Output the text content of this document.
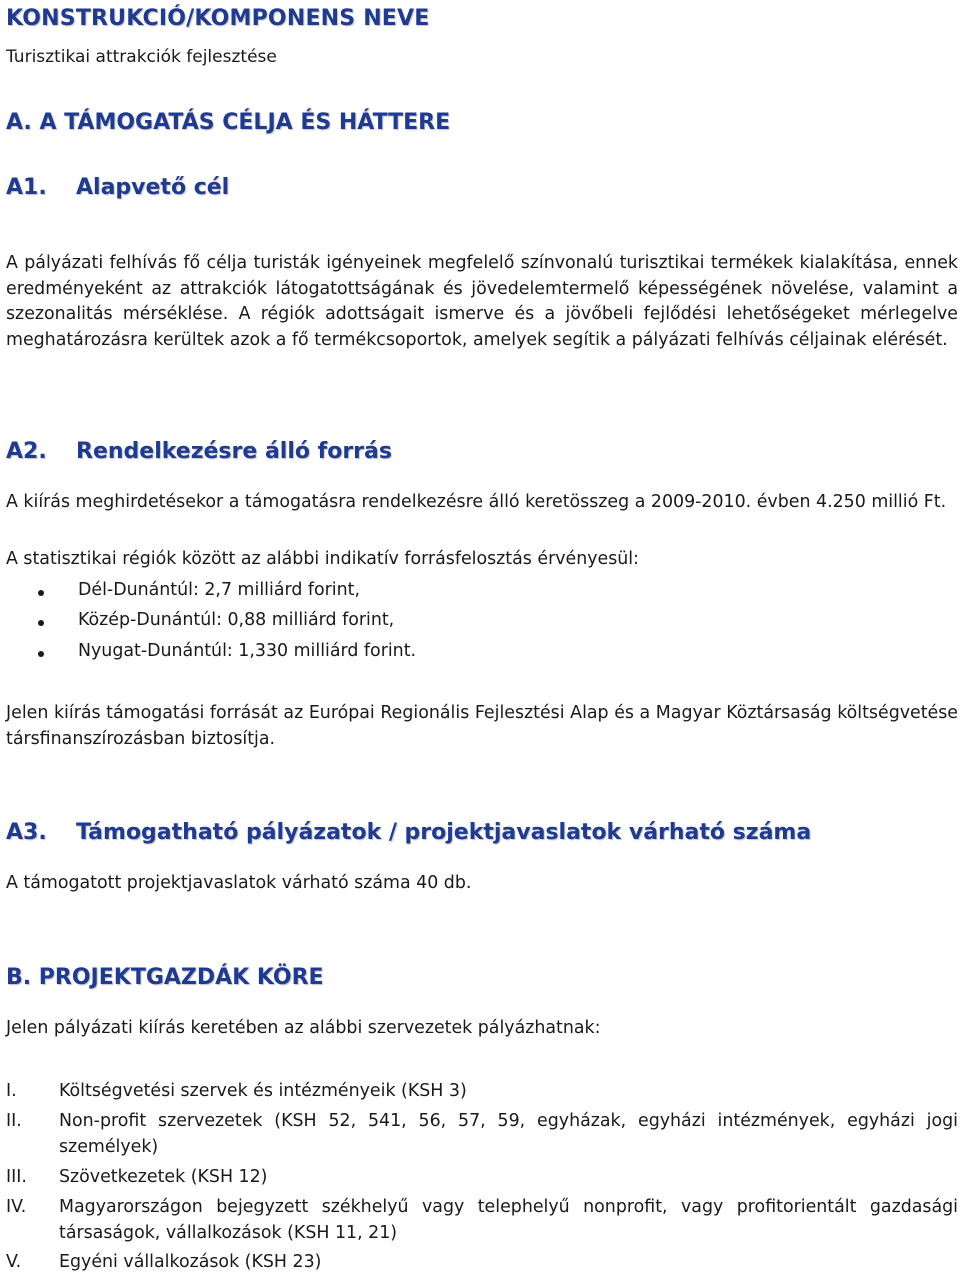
KONSTRUKCIÓ/KOMPONENS NEVE
Turisztikai attrakciók fejlesztése
A. A TÁMOGATÁS CÉLJA ÉS HÁTTERE
A1. Alapvető cél
A pályázati felhívás fő célja turisták igényeinek megfelelő színvonalú turisztikai termékek kialakítása, ennek eredményeként az attrakciók látogatottságának és jövedelemtermelő képességének növelése, valamint a szezonalitás mérséklése. A régiók adottságait ismerve és a jövőbeli fejlődési lehetőségeket mérlegelve meghatározásra kerültek azok a fő termékcsoportok, amelyek segítik a pályázati felhívás céljainak elérését.
A2. Rendelkezésre álló forrás
A kiírás meghirdetésekor a támogatásra rendelkezésre álló keretösszeg a 2009-2010. évben 4.250 millió Ft.
A statisztikai régiók között az alábbi indikatív forrásfelosztás érvényesül:
Dél-Dunántúl: 2,7 milliárd forint,
Közép-Dunántúl: 0,88 milliárd forint,
Nyugat-Dunántúl: 1,330 milliárd forint.
Jelen kiírás támogatási forrását az Európai Regionális Fejlesztési Alap és a Magyar Köztársaság költségvetése társfinanszírozásban biztosítja.
A3. Támogatható pályázatok / projektjavaslatok várható száma
A támogatott projektjavaslatok várható száma 40 db.
B. PROJEKTGAZDÁK KÖRE
Jelen pályázati kiírás keretében az alábbi szervezetek pályázhatnak:
I. Költségvetési szervek és intézményeik (KSH 3)
II. Non-profit szervezetek (KSH 52, 541, 56, 57, 59, egyházak, egyházi intézmények, egyházi jogi személyek)
III. Szövetkezetek (KSH 12)
IV. Magyarországon bejegyzett székhelyű vagy telephelyű nonprofit, vagy profitorientált gazdasági társaságok, vállalkozások (KSH 11, 21)
V. Egyéni vállalkozások (KSH 23)
